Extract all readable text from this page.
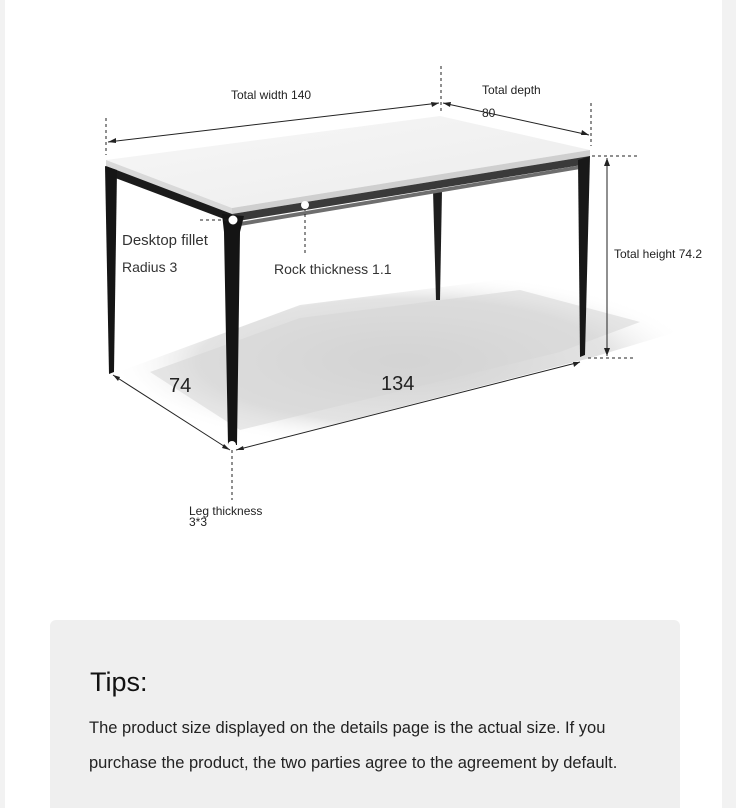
Total width 140	Total depth
80
Total height 74.2
Desktop fillet
Radius 3	Rock thickness 1.1
74	134
Leg thickness
3*3
Tips:
The product size displayed on the details page is the actual size. If you
purchase the product, the two parties agree to the agreement by default.
